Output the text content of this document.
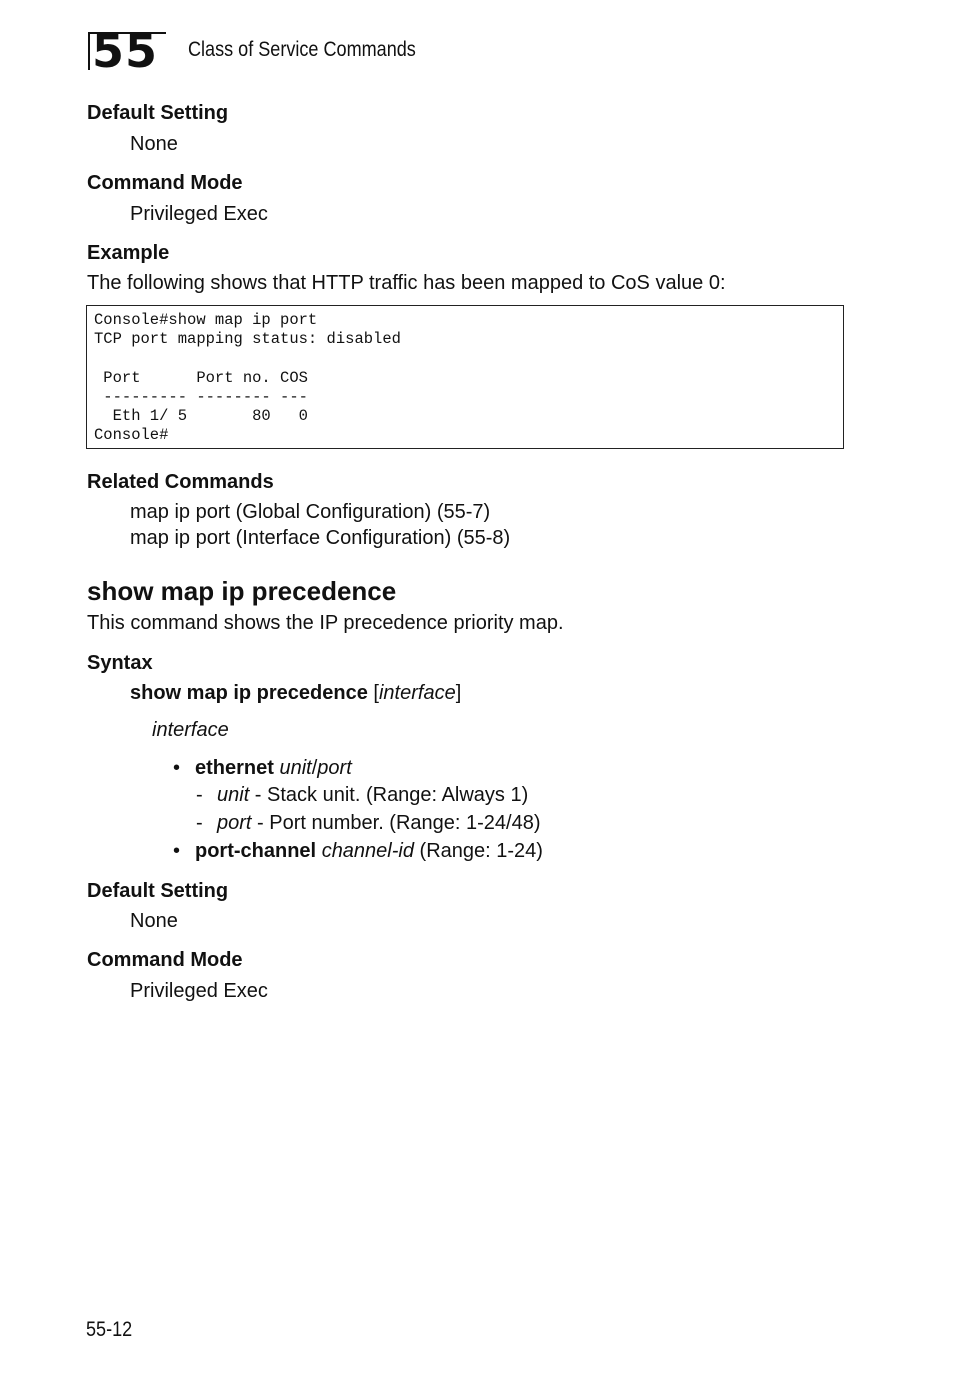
55 Class of Service Commands
Default Setting
None
Command Mode
Privileged Exec
Example
The following shows that HTTP traffic has been mapped to CoS value 0:
Console#show map ip port
TCP port mapping status: disabled

Port      Port no. COS
--------- -------- ---
Eth 1/ 5       80   0
Console#
Related Commands
map ip port (Global Configuration) (55-7)
map ip port (Interface Configuration) (55-8)
show map ip precedence
This command shows the IP precedence priority map.
Syntax
show map ip precedence [interface]
interface
• ethernet unit/port
- unit - Stack unit. (Range: Always 1)
- port - Port number. (Range: 1-24/48)
• port-channel channel-id (Range: 1-24)
Default Setting
None
Command Mode
Privileged Exec
55-12
